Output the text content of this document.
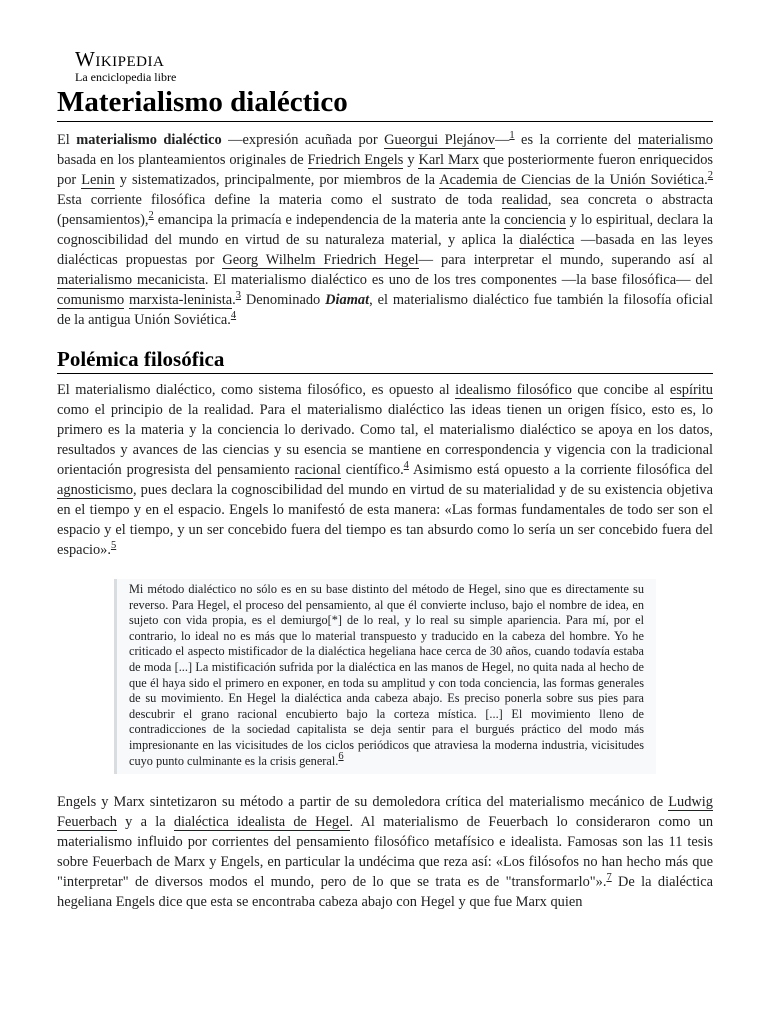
Wikipedia
La enciclopedia libre
Materialismo dialéctico

El materialismo dialéctico —expresión acuñada por Gueorgui Plejánov—$^1$ es la corriente del materialismo basada en los planteamientos originales de Friedrich Engels y Karl Marx que posteriormente fueron enriquecidos por Lenin y sistematizados, principalmente, por miembros de la Academia de Ciencias de la Unión Soviética.$^2$ Esta corriente filosófica define la materia como el sustrato de toda realidad, sea concreta o abstracta (pensamientos),$^2$ emancipa la primacía e independencia de la materia ante la conciencia y lo espiritual, declara la cognoscibilidad del mundo en virtud de su naturaleza material, y aplica la dialéctica —basada en las leyes dialécticas propuestas por Georg Wilhelm Friedrich Hegel— para interpretar el mundo, superando así al materialismo mecanicista. El materialismo dialéctico es uno de los tres componentes —la base filosófica— del comunismo marxista-leninista.$^3$ Denominado Diamat, el materialismo dialéctico fue también la filosofía oficial de la antigua Unión Soviética.$^4$

Polémica filosófica

El materialismo dialéctico, como sistema filosófico, es opuesto al idealismo filosófico que concibe al espíritu como el principio de la realidad. Para el materialismo dialéctico las ideas tienen un origen físico, esto es, lo primero es la materia y la conciencia lo derivado. Como tal, el materialismo dialéctico se apoya en los datos, resultados y avances de las ciencias y su esencia se mantiene en correspondencia y vigencia con la tradicional orientación progresista del pensamiento racional científico.$^4$ Asimismo está opuesto a la corriente filosófica del agnosticismo, pues declara la cognoscibilidad del mundo en virtud de su materialidad y de su existencia objetiva en el tiempo y en el espacio. Engels lo manifestó de esta manera: «Las formas fundamentales de todo ser son el espacio y el tiempo, y un ser concebido fuera del tiempo es tan absurdo como lo sería un ser concebido fuera del espacio».$^5$

Mi método dialéctico no sólo es en su base distinto del método de Hegel, sino que es directamente su reverso. Para Hegel, el proceso del pensamiento, al que él convierte incluso, bajo el nombre de idea, en sujeto con vida propia, es el demiurgo[*] de lo real, y lo real su simple apariencia. Para mí, por el contrario, lo ideal no es más que lo material transpuesto y traducido en la cabeza del hombre. Yo he criticado el aspecto mistificador de la dialéctica hegeliana hace cerca de 30 años, cuando todavía estaba de moda [...] La mistificación sufrida por la dialéctica en las manos de Hegel, no quita nada al hecho de que él haya sido el primero en exponer, en toda su amplitud y con toda conciencia, las formas generales de su movimiento. En Hegel la dialéctica anda cabeza abajo. Es preciso ponerla sobre sus pies para descubrir el grano racional encubierto bajo la corteza mística. [...] El movimiento lleno de contradicciones de la sociedad capitalista se deja sentir para el burgués práctico del modo más impresionante en las vicisitudes de los ciclos periódicos que atraviesa la moderna industria, vicisitudes cuyo punto culminante es la crisis general.$^6$

Engels y Marx sintetizaron su método a partir de su demoledora crítica del materialismo mecánico de Ludwig Feuerbach y a la dialéctica idealista de Hegel. Al materialismo de Feuerbach lo consideraron como un materialismo influido por corrientes del pensamiento filosófico metafísico e idealista. Famosas son las 11 tesis sobre Feuerbach de Marx y Engels, en particular la undécima que reza así: «Los filósofos no han hecho más que "interpretar" de diversos modos el mundo, pero de lo que se trata es de "transformarlo"».$^7$ De la dialéctica hegeliana Engels dice que esta se encontraba cabeza abajo con Hegel y que fue Marx quien
